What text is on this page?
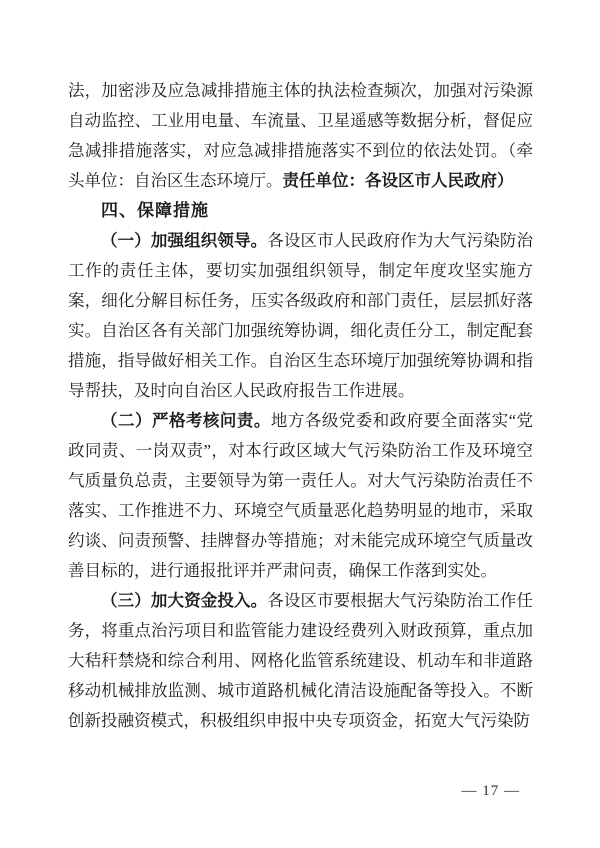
法，加密涉及应急减排措施主体的执法检查频次，加强对污染源自动监控、工业用电量、车流量、卫星遥感等数据分析，督促应急减排措施落实，对应急减排措施落实不到位的依法处罚。（牵头单位：自治区生态环境厅。责任单位：各设区市人民政府）

四、保障措施

（一）加强组织领导。各设区市人民政府作为大气污染防治工作的责任主体，要切实加强组织领导，制定年度攻坚实施方案，细化分解目标任务，压实各级政府和部门责任，层层抓好落实。自治区各有关部门加强统筹协调，细化责任分工，制定配套措施，指导做好相关工作。自治区生态环境厅加强统筹协调和指导帮扶，及时向自治区人民政府报告工作进展。

（二）严格考核问责。地方各级党委和政府要全面落实“党政同责、一岗双责”，对本行政区域大气污染防治工作及环境空气质量负总责，主要领导为第一责任人。对大气污染防治责任不落实、工作推进不力、环境空气质量恶化趋势明显的地市，采取约谈、问责预警、挂牌督办等措施；对未能完成环境空气质量改善目标的，进行通报批评并严肃问责，确保工作落到实处。

（三）加大资金投入。各设区市要根据大气污染防治工作任务，将重点治污项目和监管能力建设经费列入财政预算，重点加大秸秆禁烧和综合利用、网格化监管系统建设、机动车和非道路移动机械排放监测、城市道路机械化清洁设施配备等投入。不断创新投融资模式，积极组织申报中央专项资金，拓宽大气污染防

— 17 —
